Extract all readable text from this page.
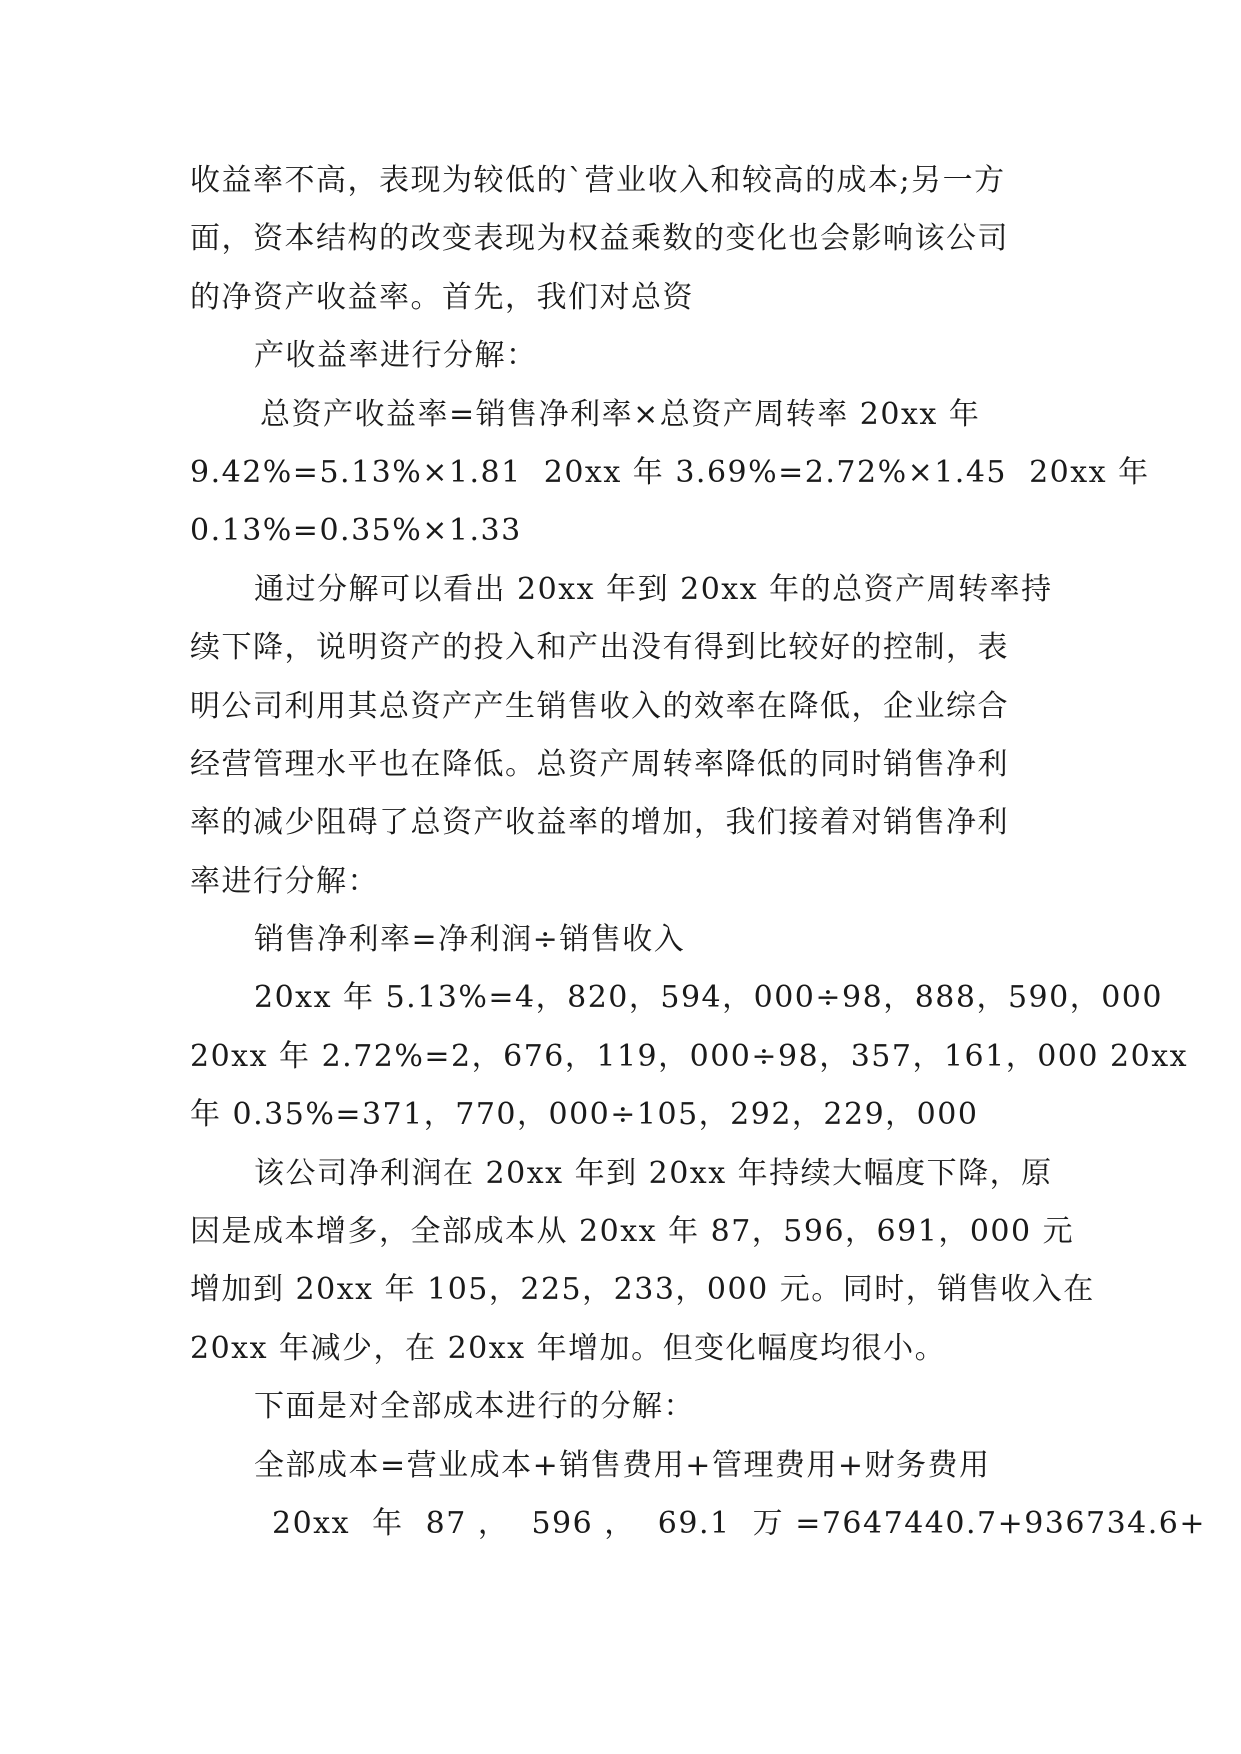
收益率不高，表现为较低的`营业收入和较高的成本;另一方
面，资本结构的改变表现为权益乘数的变化也会影响该公司
的净资产收益率。首先，我们对总资
产收益率进行分解：
总资产收益率=销售净利率×总资产周转率 20xx 年
9.42%=5.13%×1.81  20xx 年 3.69%=2.72%×1.45  20xx 年
0.13%=0.35%×1.33
通过分解可以看出 20xx 年到 20xx 年的总资产周转率持
续下降，说明资产的投入和产出没有得到比较好的控制，表
明公司利用其总资产产生销售收入的效率在降低，企业综合
经营管理水平也在降低。总资产周转率降低的同时销售净利
率的减少阻碍了总资产收益率的增加，我们接着对销售净利
率进行分解：
销售净利率=净利润÷销售收入
20xx 年 5.13%=4，820，594，000÷98，888，590，000
20xx 年 2.72%=2，676，119，000÷98，357，161，000 20xx
年 0.35%=371，770，000÷105，292，229，000
该公司净利润在 20xx 年到 20xx 年持续大幅度下降，原
因是成本增多，全部成本从 20xx 年 87，596，691，000 元
增加到 20xx 年 105，225，233，000 元。同时，销售收入在
20xx 年减少，在 20xx 年增加。但变化幅度均很小。
下面是对全部成本进行的分解：
全部成本=营业成本+销售费用+管理费用+财务费用
20xx  年  87 ，  596 ，  69.1  万 =7647440.7+936734.6+
